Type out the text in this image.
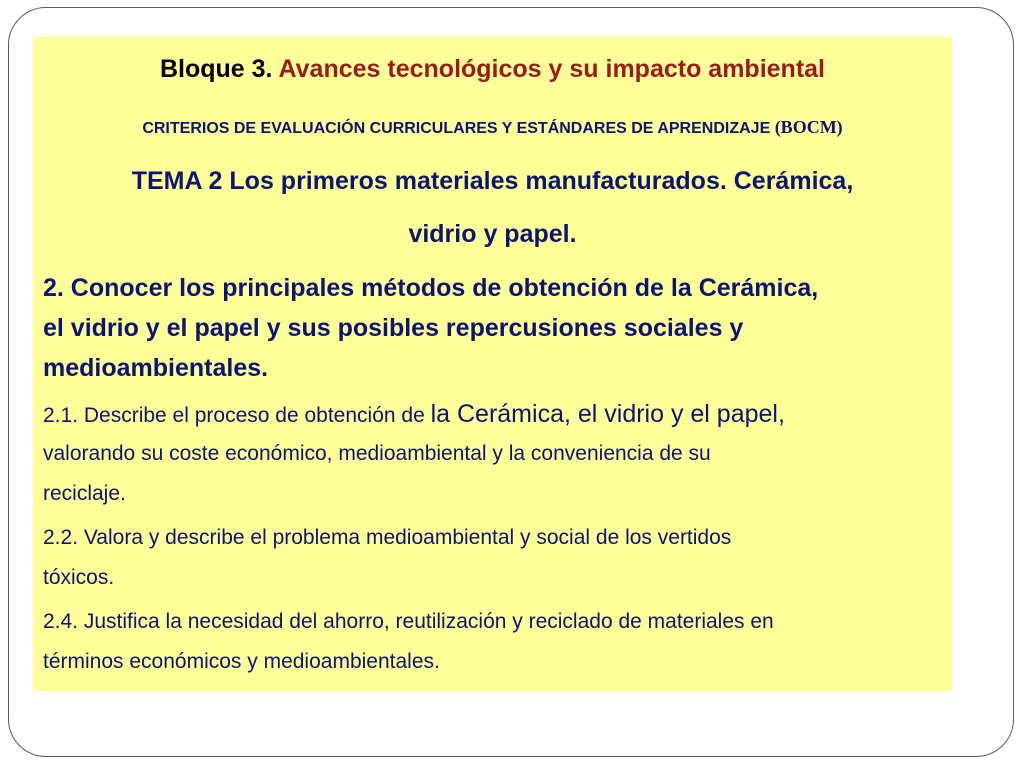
Bloque 3. Avances tecnológicos y su impacto ambiental
CRITERIOS DE EVALUACIÓN CURRICULARES Y ESTÁNDARES DE APRENDIZAJE (BOCM)
TEMA 2 Los primeros materiales manufacturados. Cerámica,
vidrio y papel.
2. Conocer los principales métodos de obtención de la Cerámica,
el vidrio y el papel y sus posibles repercusiones sociales y
medioambientales.
2.1. Describe el proceso de obtención de la Cerámica, el vidrio y el papel,
valorando su coste económico, medioambiental y la conveniencia de su
reciclaje.
2.2. Valora y describe el problema medioambiental y social de los vertidos
tóxicos.
2.4. Justifica la necesidad del ahorro, reutilización y reciclado de materiales en
términos económicos y medioambientales.
